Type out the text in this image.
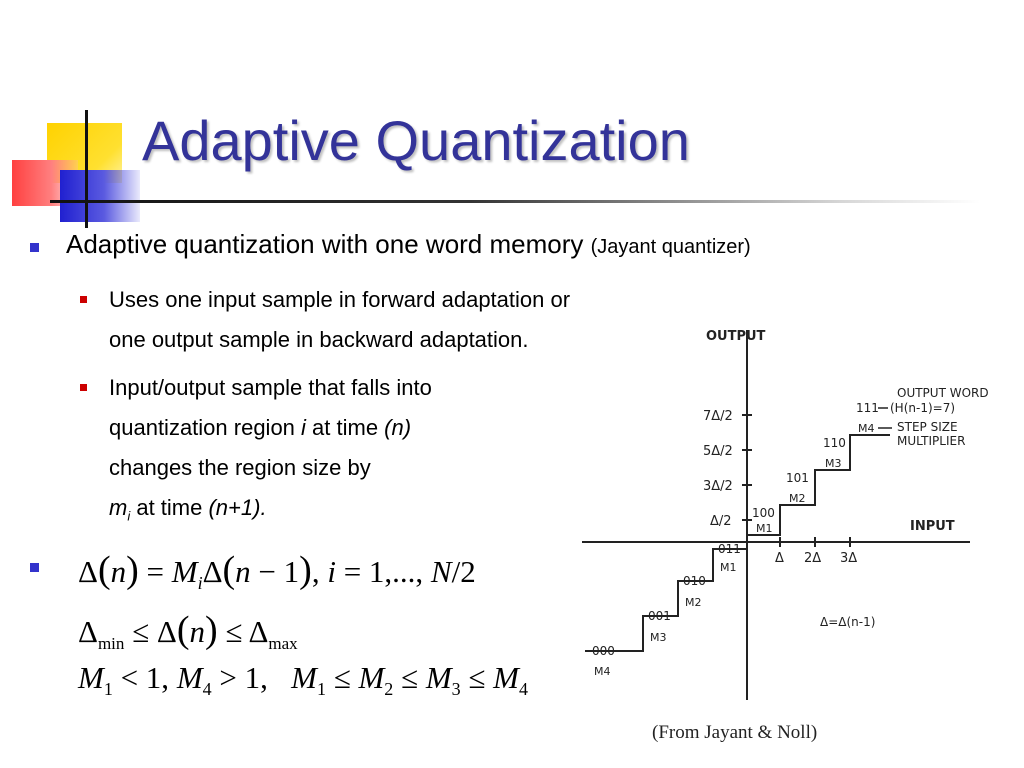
Adaptive Quantization
Adaptive quantization with one word memory (Jayant quantizer)
Uses one input sample in forward adaptation or
one output sample in backward adaptation.
Input/output sample that falls into
quantization region i at time (n)
changes the region size by
$m_i$ at time (n+1).
$\Delta(n) = M_i\Delta(n - 1)$, i = 1,..., N/2
$\Delta_{min} \le \Delta(n) \le \Delta_{max}$
$M_1 < 1$, $M_4 > 1$,   $M_1 \le M_2 \le M_3 \le M_4$
OUTPUT
INPUT
7Δ/2
5Δ/2
3Δ/2
Δ/2
Δ 2Δ 3Δ
100
M1
101
M2
110
M3
111
M4
011
M1
010
M2
001
M3
000
M4
OUTPUT WORD
(H(n-1)=7)
STEP SIZE
MULTIPLIER
Δ=Δ(n-1)
(From Jayant & Noll)
